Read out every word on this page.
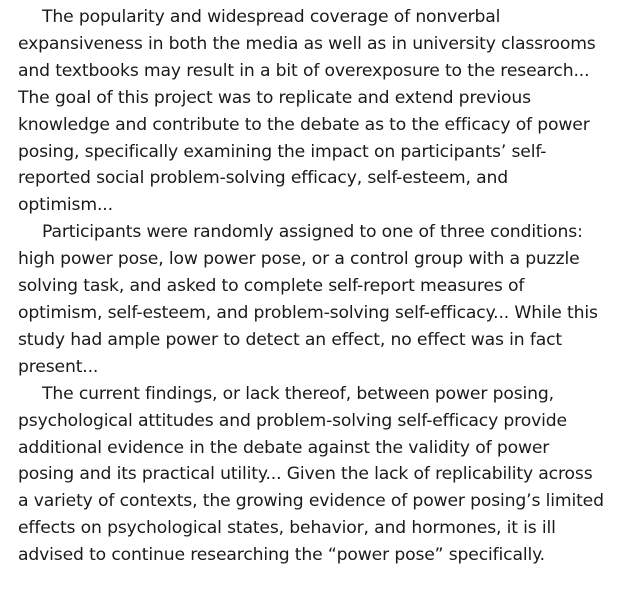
The popularity and widespread coverage of nonverbal expansiveness in both the media as well as in university classrooms and textbooks may result in a bit of overexposure to the research... The goal of this project was to replicate and extend previous knowledge and contribute to the debate as to the efficacy of power posing, specifically examining the impact on participants’ self-reported social problem-solving efficacy, self-esteem, and optimism...

Participants were randomly assigned to one of three conditions: high power pose, low power pose, or a control group with a puzzle solving task, and asked to complete self-report measures of optimism, self-esteem, and problem-solving self-efficacy... While this study had ample power to detect an effect, no effect was in fact present...

The current findings, or lack thereof, between power posing, psychological attitudes and problem-solving self-efficacy provide additional evidence in the debate against the validity of power posing and its practical utility... Given the lack of replicability across a variety of contexts, the growing evidence of power posing’s limited effects on psychological states, behavior, and hormones, it is ill advised to continue researching the “power pose” specifically.
